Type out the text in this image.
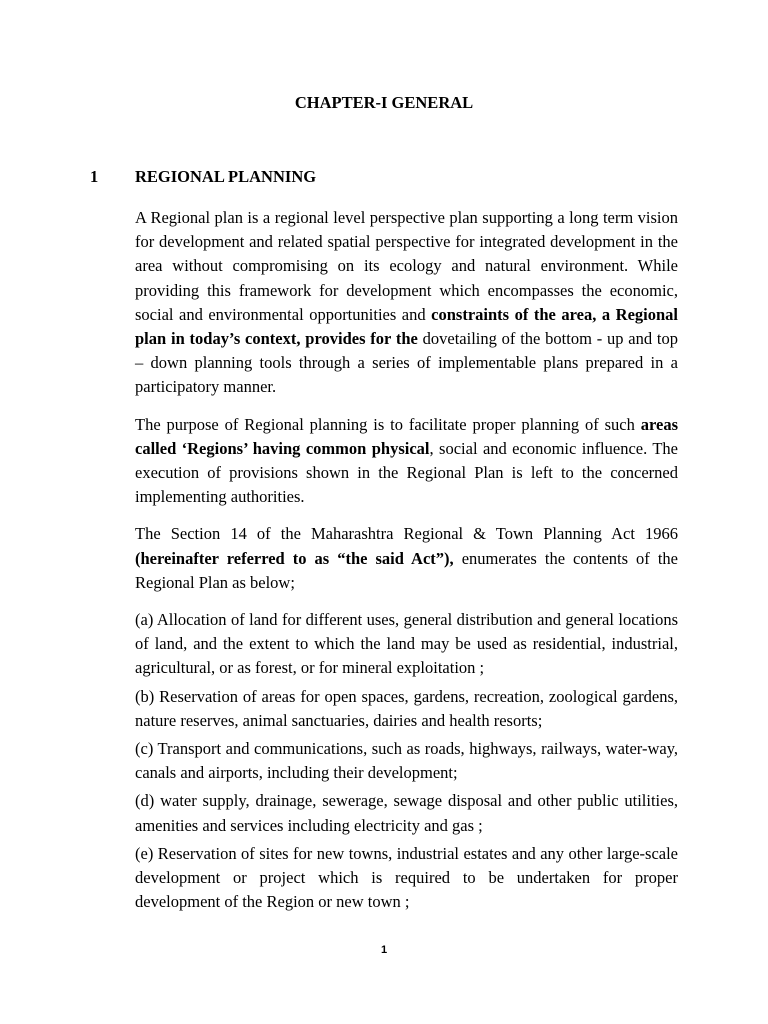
CHAPTER-I GENERAL
1	REGIONAL PLANNING

A Regional plan is a regional level perspective plan supporting a long term vision for development and related spatial perspective for integrated development in the area without compromising on its ecology and natural environment. While providing this framework for development which encompasses the economic, social and environmental opportunities and constraints of the area, a Regional plan in today’s context, provides for the dovetailing of the bottom - up and top – down planning tools through a series of implementable plans prepared in a participatory manner.

The purpose of Regional planning is to facilitate proper planning of such areas called ‘Regions’ having common physical, social and economic influence. The execution of provisions shown in the Regional Plan is left to the concerned implementing authorities.

The Section 14 of the Maharashtra Regional & Town Planning Act 1966 (hereinafter referred to as “the said Act”), enumerates the contents of the Regional Plan as below;

(a) Allocation of land for different uses, general distribution and general locations of land, and the extent to which the land may be used as residential, industrial, agricultural, or as forest, or for mineral exploitation ;

(b) Reservation of areas for open spaces, gardens, recreation, zoological gardens, nature reserves, animal sanctuaries, dairies and health resorts;

(c) Transport and communications, such as roads, highways, railways, water-way, canals and airports, including their development;

(d) water supply, drainage, sewerage, sewage disposal and other public utilities, amenities and services including electricity and gas ;

(e) Reservation of sites for new towns, industrial estates and any other large-scale development or project which is required to be undertaken for proper development of the Region or new town ;

1
